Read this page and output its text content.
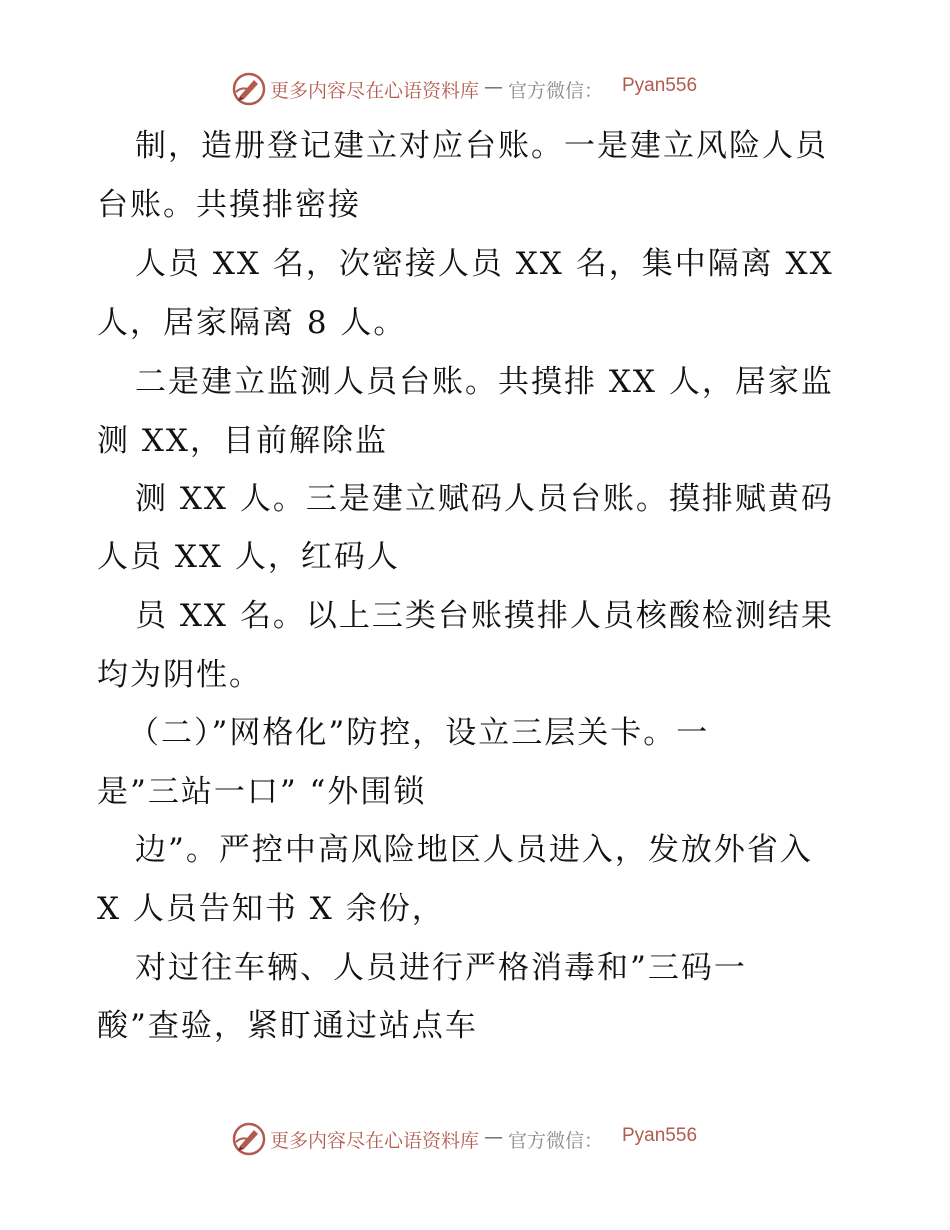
更多内容尽在心语资料库 — 官方微信： Pyan556
制，造册登记建立对应台账。一是建立风险人员
台账。共摸排密接
人员 XX 名，次密接人员 XX 名，集中隔离 XX
人，居家隔离 8 人。
二是建立监测人员台账。共摸排 XX 人，居家监
测 XX，目前解除监
测 XX 人。三是建立赋码人员台账。摸排赋黄码
人员 XX 人，红码人
员 XX 名。以上三类台账摸排人员核酸检测结果
均为阴性。
（二）”网格化”防控，设立三层关卡。一
是”三站一口” “外围锁
边”。严控中高风险地区人员进入，发放外省入
X 人员告知书 X 余份，
对过往车辆、人员进行严格消毒和”三码一
酸”查验，紧盯通过站点车
更多内容尽在心语资料库 — 官方微信： Pyan556
